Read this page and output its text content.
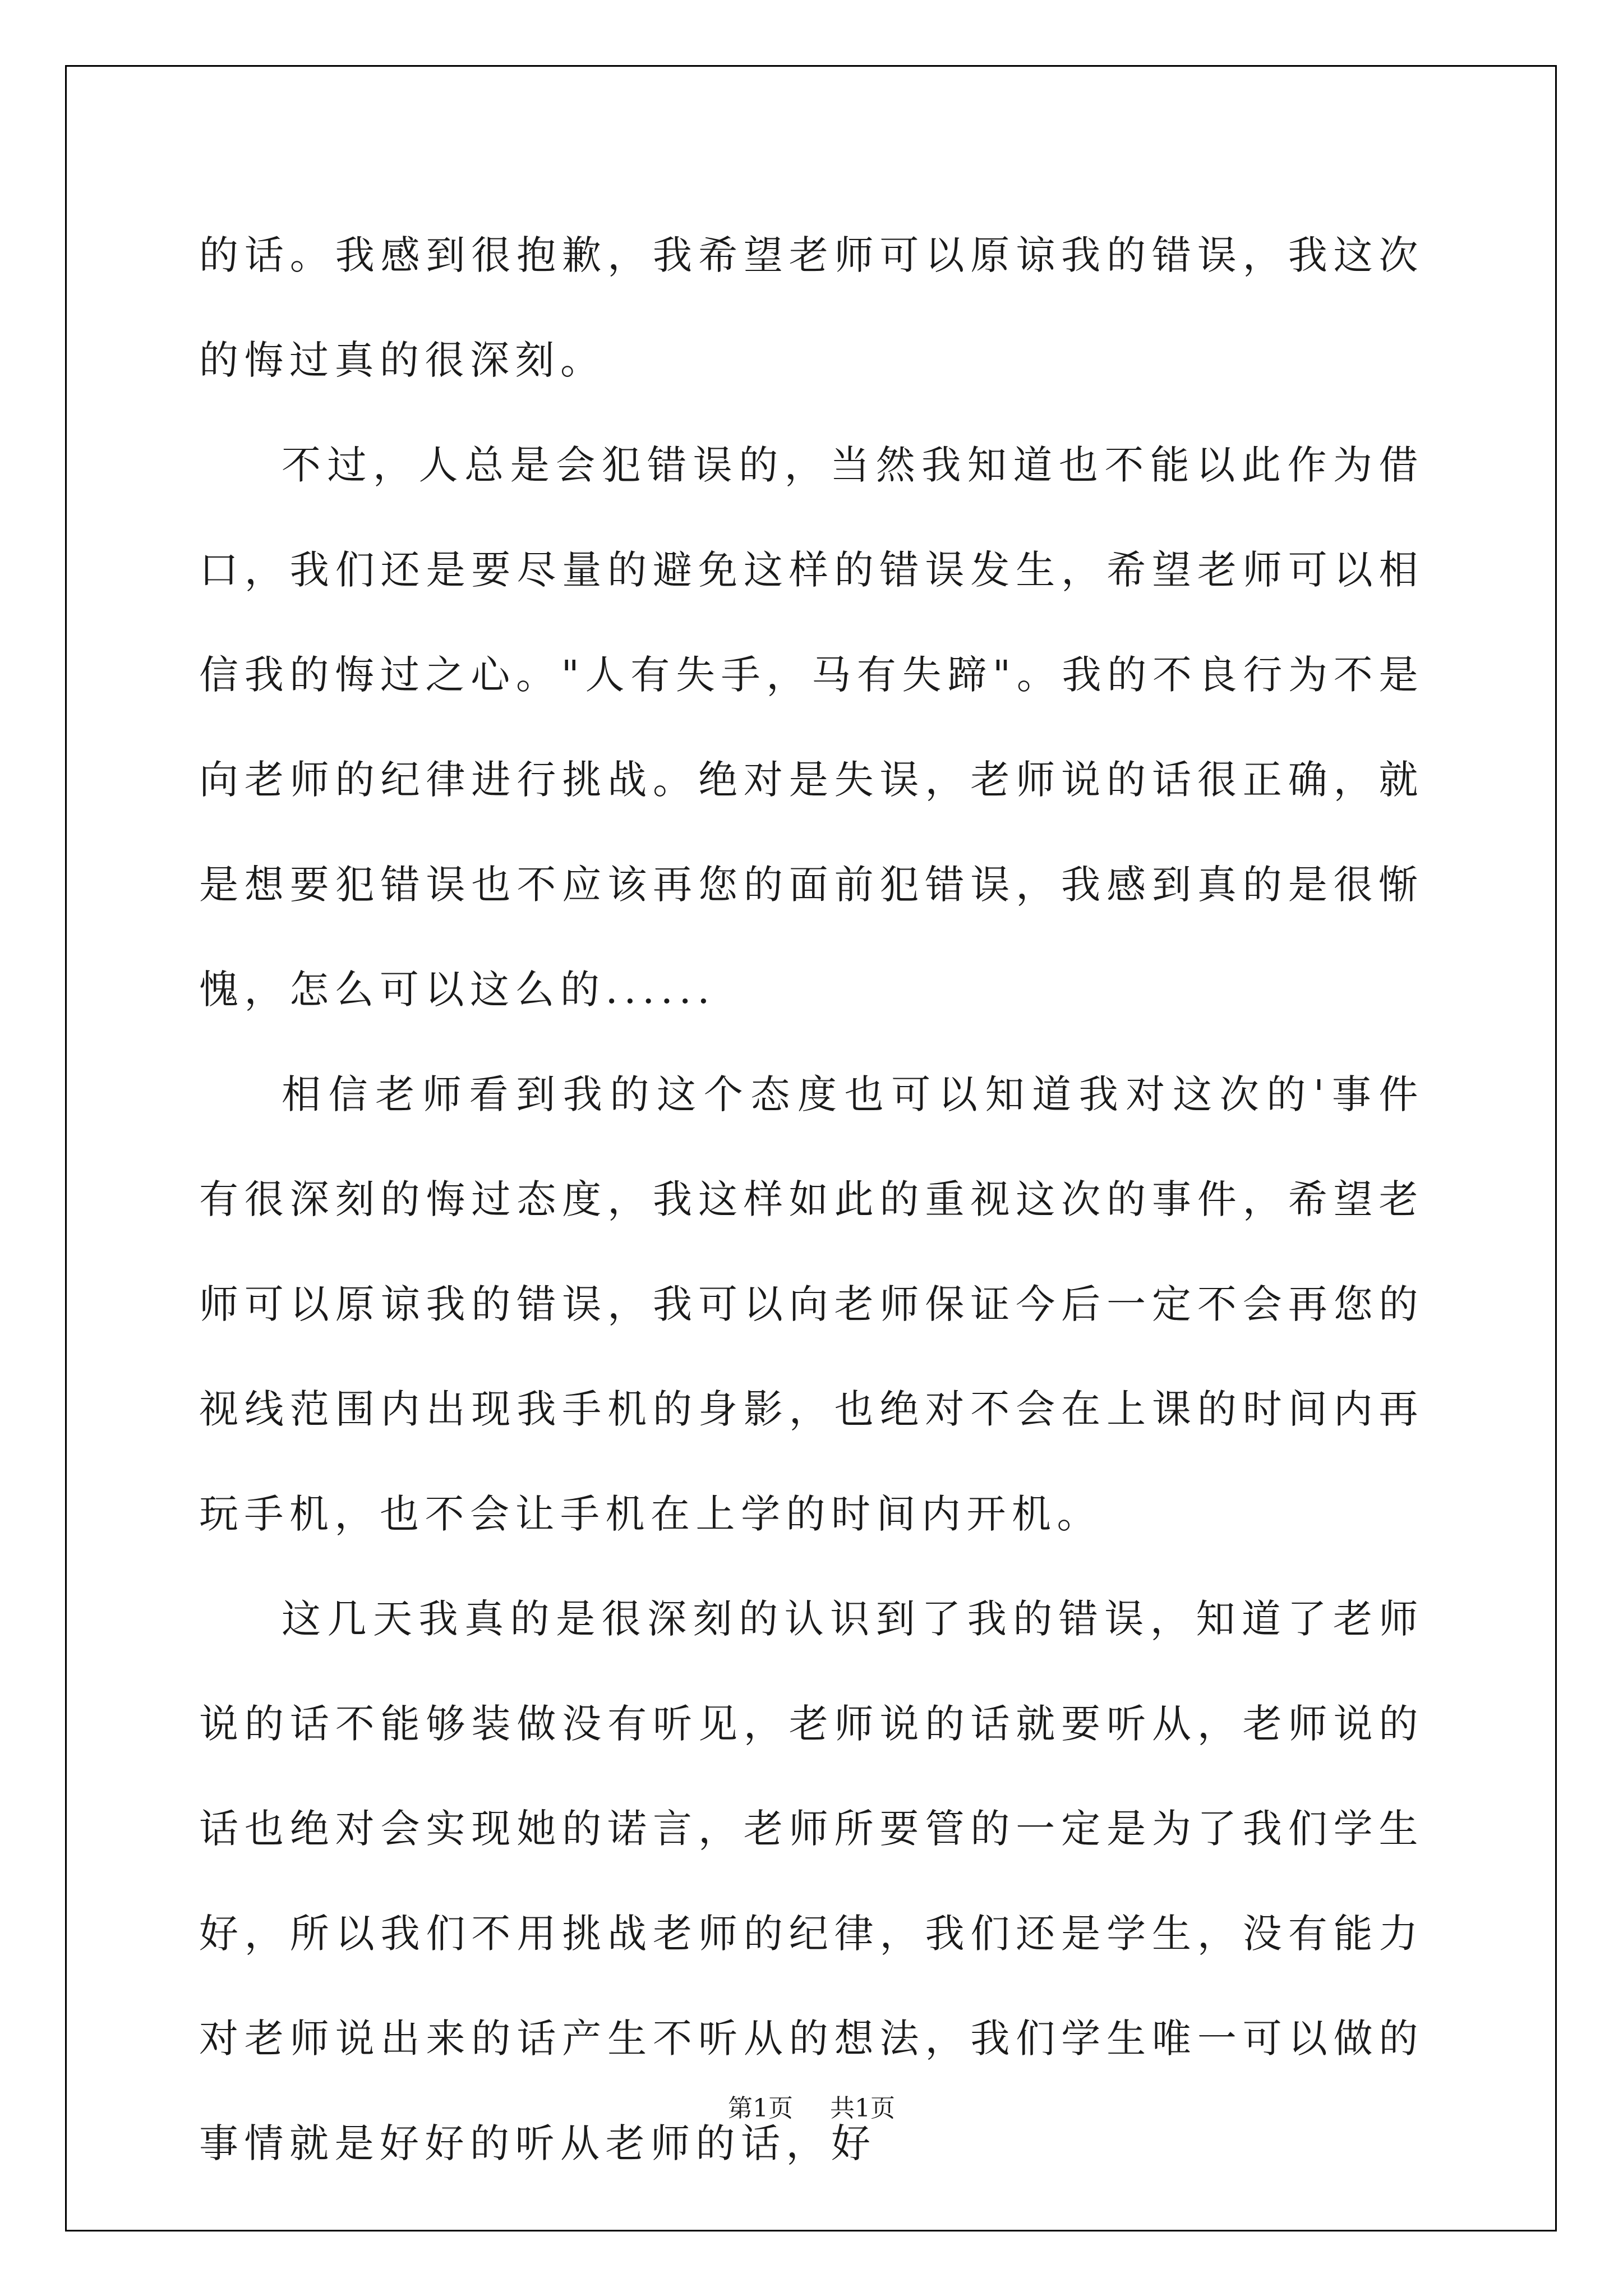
的话。我感到很抱歉，我希望老师可以原谅我的错误，我这次的悔过真的很深刻。

不过，人总是会犯错误的，当然我知道也不能以此作为借口，我们还是要尽量的避免这样的错误发生，希望老师可以相信我的悔过之心。"人有失手，马有失蹄"。我的不良行为不是向老师的纪律进行挑战。绝对是失误，老师说的话很正确，就是想要犯错误也不应该再您的面前犯错误，我感到真的是很惭愧，怎么可以这么的......

相信老师看到我的这个态度也可以知道我对这次的'事件有很深刻的悔过态度，我这样如此的重视这次的事件，希望老师可以原谅我的错误，我可以向老师保证今后一定不会再您的视线范围内出现我手机的身影，也绝对不会在上课的时间内再玩手机，也不会让手机在上学的时间内开机。

这几天我真的是很深刻的认识到了我的错误，知道了老师说的话不能够装做没有听见，老师说的话就要听从，老师说的话也绝对会实现她的诺言，老师所要管的一定是为了我们学生好，所以我们不用挑战老师的纪律，我们还是学生，没有能力对老师说出来的话产生不听从的想法，我们学生唯一可以做的事情就是好好的听从老师的话，好

第1页 共1页
